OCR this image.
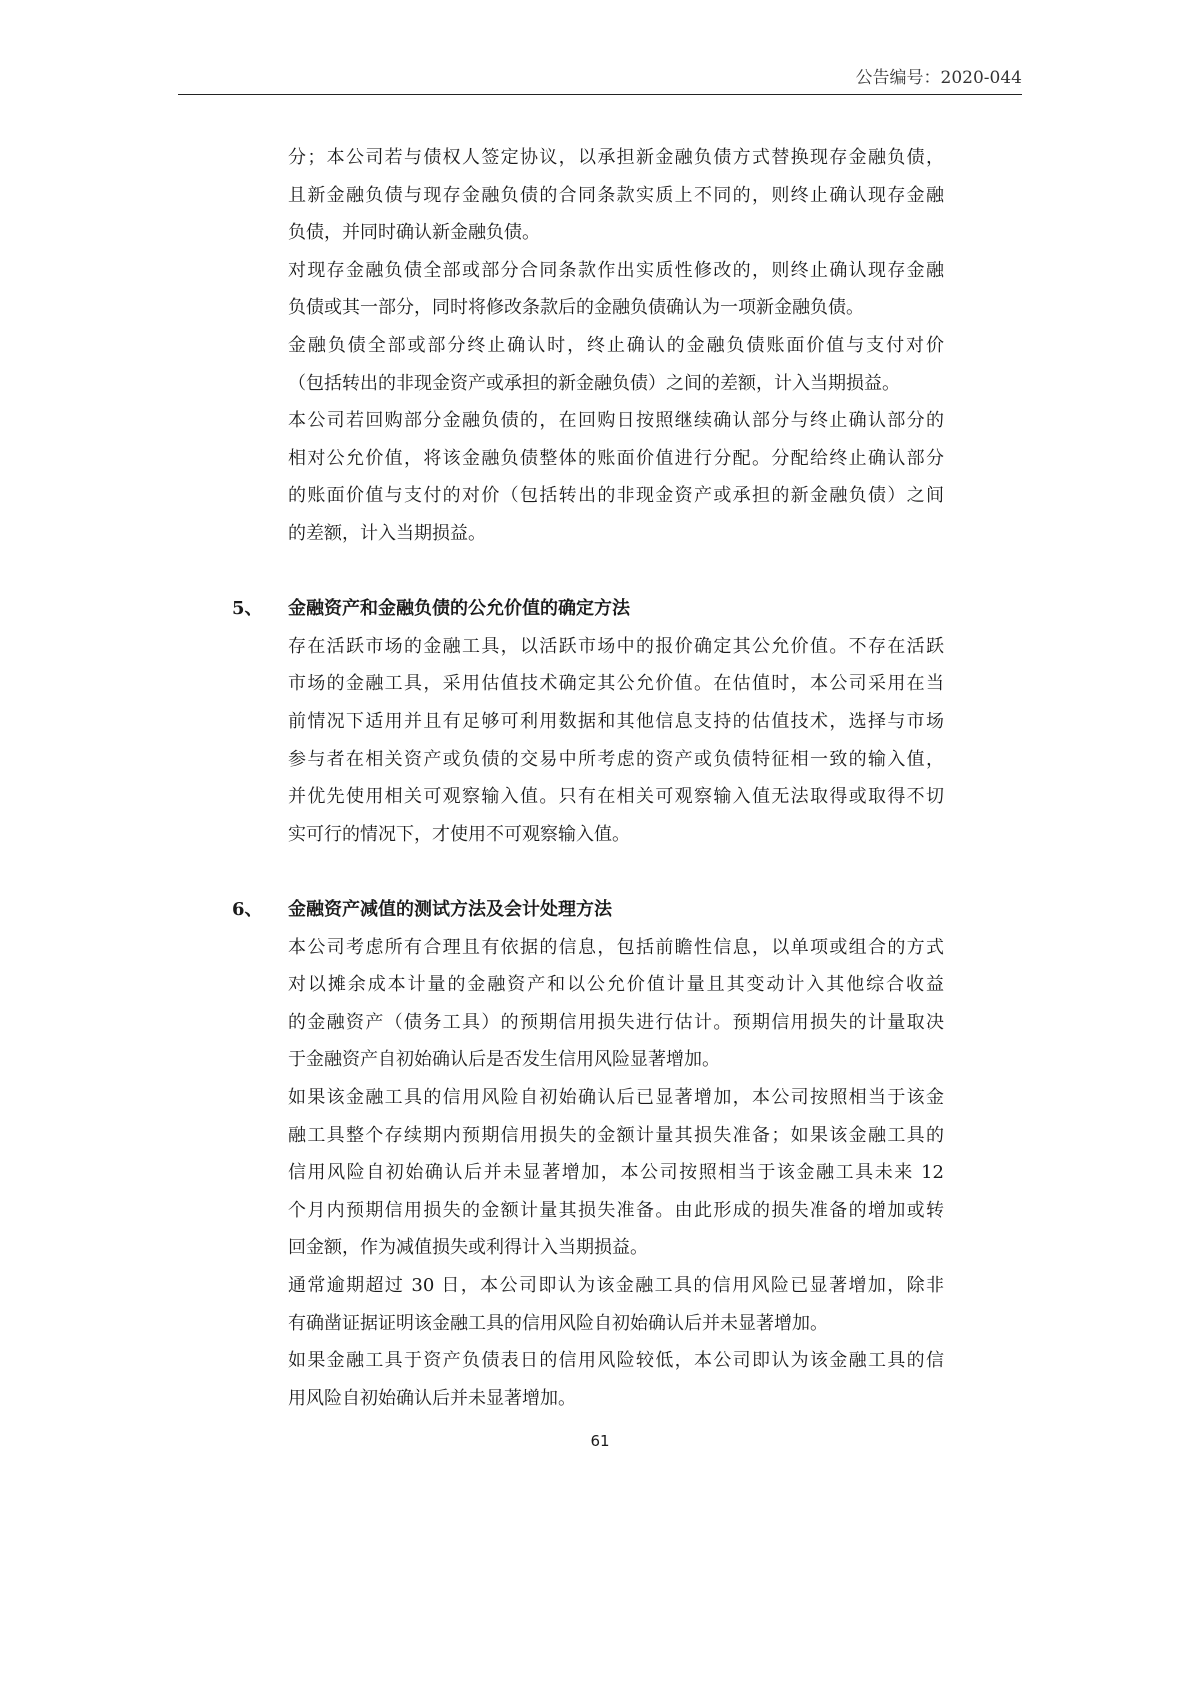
公告编号：2020-044
分；本公司若与债权人签定协议，以承担新金融负债方式替换现存金融负债，
且新金融负债与现存金融负债的合同条款实质上不同的，则终止确认现存金融
负债，并同时确认新金融负债。
对现存金融负债全部或部分合同条款作出实质性修改的，则终止确认现存金融
负债或其一部分，同时将修改条款后的金融负债确认为一项新金融负债。
金融负债全部或部分终止确认时，终止确认的金融负债账面价值与支付对价
（包括转出的非现金资产或承担的新金融负债）之间的差额，计入当期损益。
本公司若回购部分金融负债的，在回购日按照继续确认部分与终止确认部分的
相对公允价值，将该金融负债整体的账面价值进行分配。分配给终止确认部分
的账面价值与支付的对价（包括转出的非现金资产或承担的新金融负债）之间
的差额，计入当期损益。
5、 金融资产和金融负债的公允价值的确定方法
存在活跃市场的金融工具，以活跃市场中的报价确定其公允价值。不存在活跃
市场的金融工具，采用估值技术确定其公允价值。在估值时，本公司采用在当
前情况下适用并且有足够可利用数据和其他信息支持的估值技术，选择与市场
参与者在相关资产或负债的交易中所考虑的资产或负债特征相一致的输入值，
并优先使用相关可观察输入值。只有在相关可观察输入值无法取得或取得不切
实可行的情况下，才使用不可观察输入值。
6、 金融资产减值的测试方法及会计处理方法
本公司考虑所有合理且有依据的信息，包括前瞻性信息，以单项或组合的方式
对以摊余成本计量的金融资产和以公允价值计量且其变动计入其他综合收益
的金融资产（债务工具）的预期信用损失进行估计。预期信用损失的计量取决
于金融资产自初始确认后是否发生信用风险显著增加。
如果该金融工具的信用风险自初始确认后已显著增加，本公司按照相当于该金
融工具整个存续期内预期信用损失的金额计量其损失准备；如果该金融工具的
信用风险自初始确认后并未显著增加，本公司按照相当于该金融工具未来 12
个月内预期信用损失的金额计量其损失准备。由此形成的损失准备的增加或转
回金额，作为减值损失或利得计入当期损益。
通常逾期超过 30 日，本公司即认为该金融工具的信用风险已显著增加，除非
有确凿证据证明该金融工具的信用风险自初始确认后并未显著增加。
如果金融工具于资产负债表日的信用风险较低，本公司即认为该金融工具的信
用风险自初始确认后并未显著增加。
61
